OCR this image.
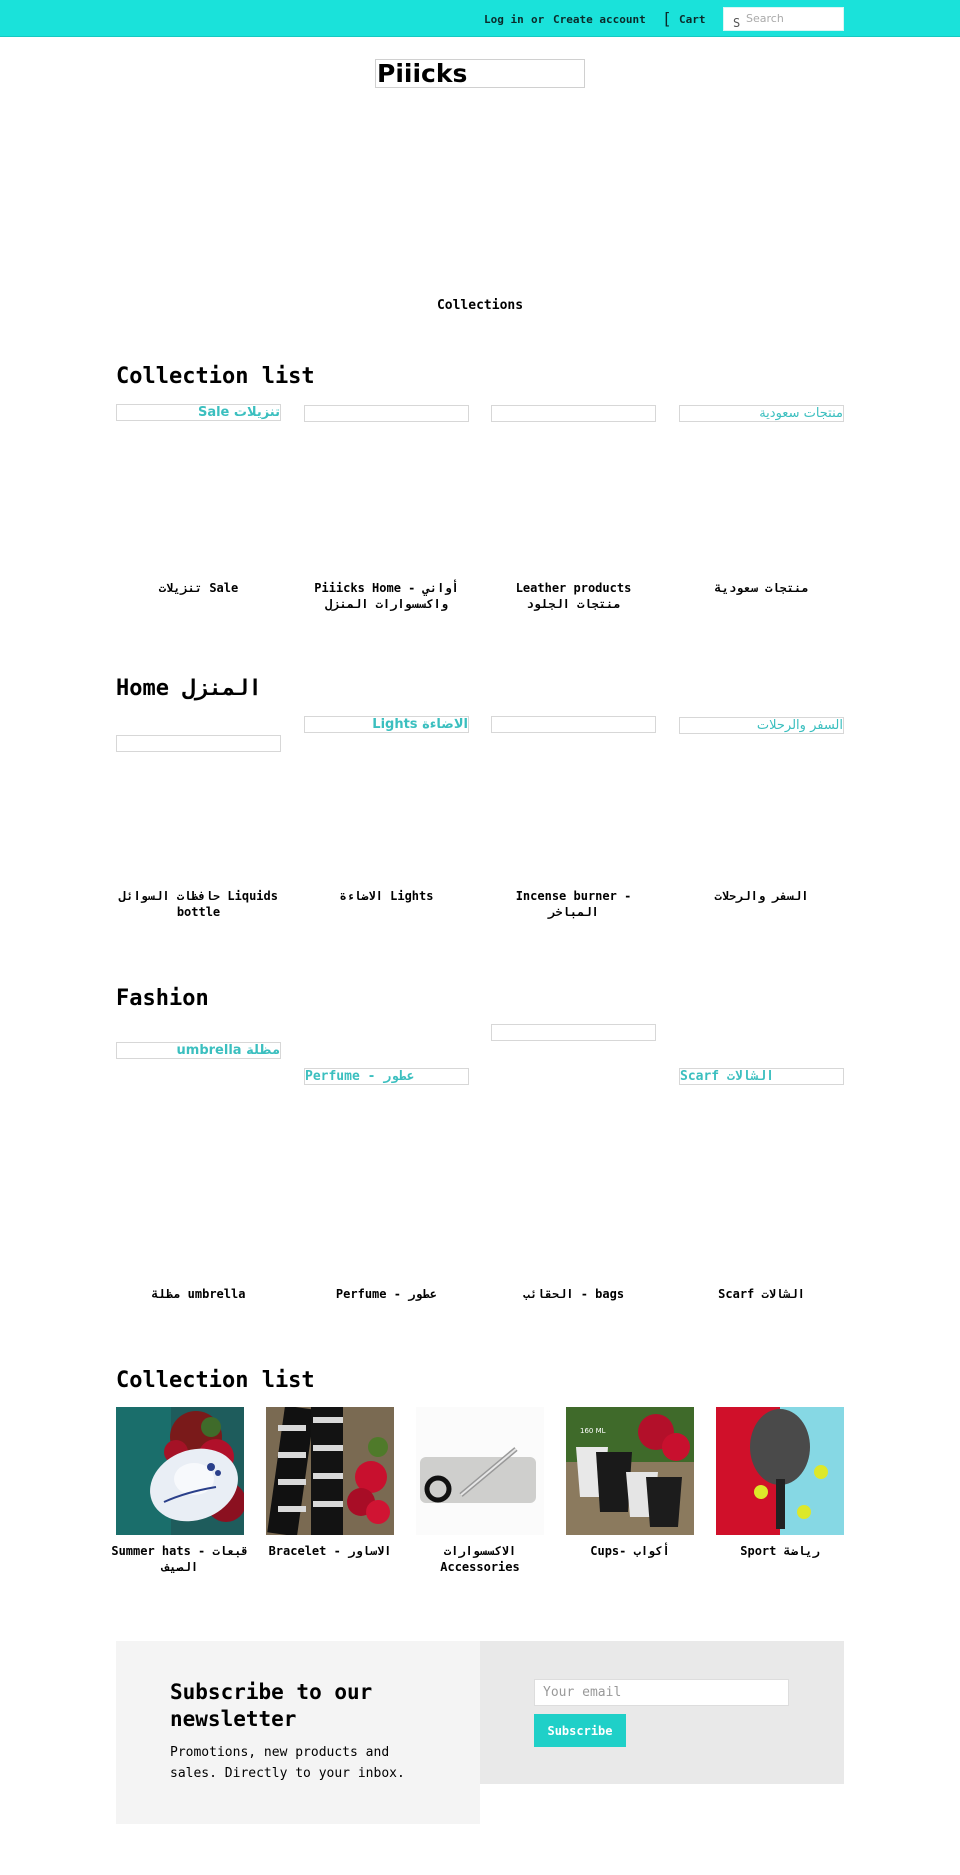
Log in or Create account [ Cart S
Search
Piiicks
Collections
Collection list
تنزيلات Sale	منتجات سعودية
تنزيلات Sale	Piiicks Home - أواني واكسسوارات المنزل
Leather products منتجات الجلود
منتجات سعودية
Home المنزل
الاضاءة Lights	السفر والرحلات
حافظات السوائل Liquids bottle
الاضاءة Lights	Incense burner - المباخر
السفر والرحلات
Fashion
مظلة umbrella
Perfume - عطور	Scarf الشالات
مظلة umbrella	Perfume - عطور	الحقائب - bags	Scarf الشالات
Collection list
160 ML
Summer hats - قبعات الصيف
Bracelet - الاساور	الاكسسوارات Accessories
Cups- أكواب	Sport رياضة
Subscribe to our newsletter
Promotions, new products and sales. Directly to your inbox.
Your email
Subscribe
